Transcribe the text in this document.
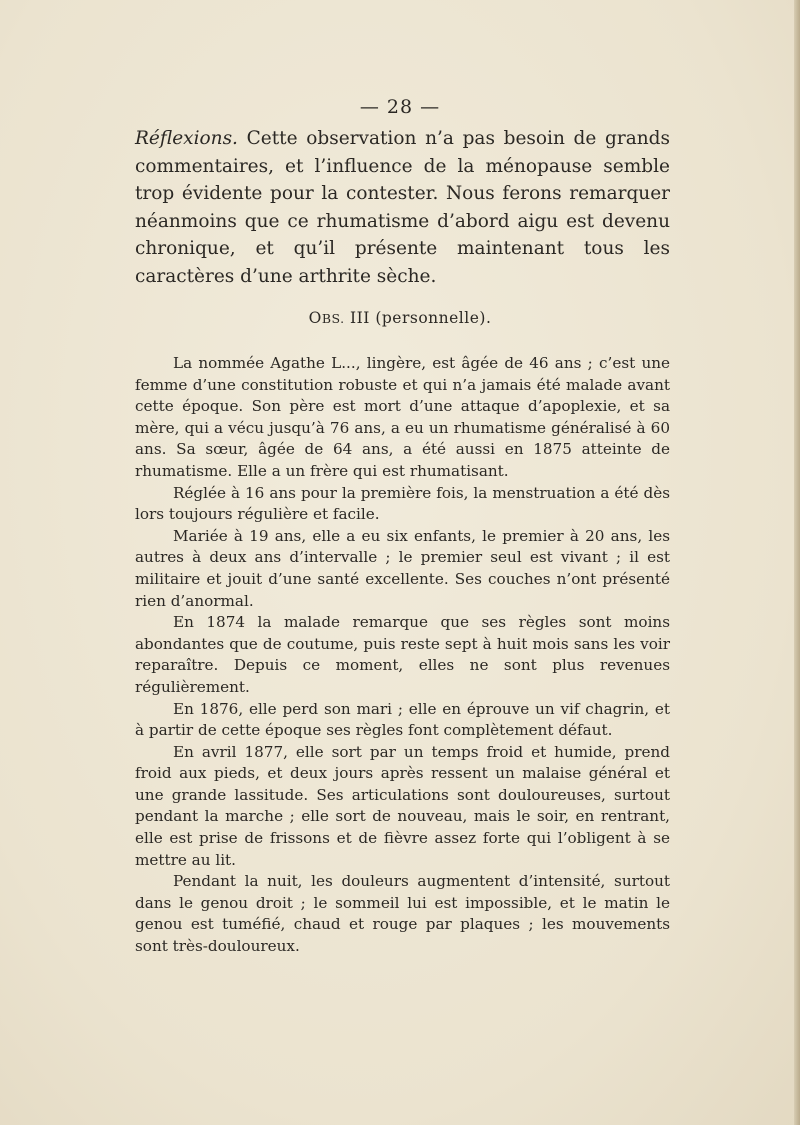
— 28 —
Réflexions. Cette observation n’a pas besoin de grands commentaires, et l’influence de la ménopause semble trop évidente pour la contester. Nous ferons remarquer néanmoins que ce rhumatisme d’abord aigu est devenu chronique, et qu’il présente maintenant tous les caractères d’une arthrite sèche.
OBS. III (personnelle).

La nommée Agathe L..., lingère, est âgée de 46 ans ; c’est une femme d’une constitution robuste et qui n’a jamais été malade avant cette époque. Son père est mort d’une attaque d’apoplexie, et sa mère, qui a vécu jusqu’à 76 ans, a eu un rhumatisme généralisé à 60 ans. Sa sœur, âgée de 64 ans, a été aussi en 1875 atteinte de rhumatisme. Elle a un frère qui est rhumatisant.

Réglée à 16 ans pour la première fois, la menstruation a été dès lors toujours régulière et facile.

Mariée à 19 ans, elle a eu six enfants, le premier à 20 ans, les autres à deux ans d’intervalle ; le premier seul est vivant ; il est militaire et jouit d’une santé excellente. Ses couches n’ont présenté rien d’anormal.

En 1874 la malade remarque que ses règles sont moins abondantes que de coutume, puis reste sept à huit mois sans les voir reparaître. Depuis ce moment, elles ne sont plus revenues régulièrement.

En 1876, elle perd son mari ; elle en éprouve un vif chagrin, et à partir de cette époque ses règles font complètement défaut.

En avril 1877, elle sort par un temps froid et humide, prend froid aux pieds, et deux jours après ressent un malaise général et une grande lassitude. Ses articulations sont douloureuses, surtout pendant la marche ; elle sort de nouveau, mais le soir, en rentrant, elle est prise de frissons et de fièvre assez forte qui l’obligent à se mettre au lit.

Pendant la nuit, les douleurs augmentent d’intensité, surtout dans le genou droit ; le sommeil lui est impossible, et le matin le genou est tuméfié, chaud et rouge par plaques ; les mouvements sont très-douloureux.
